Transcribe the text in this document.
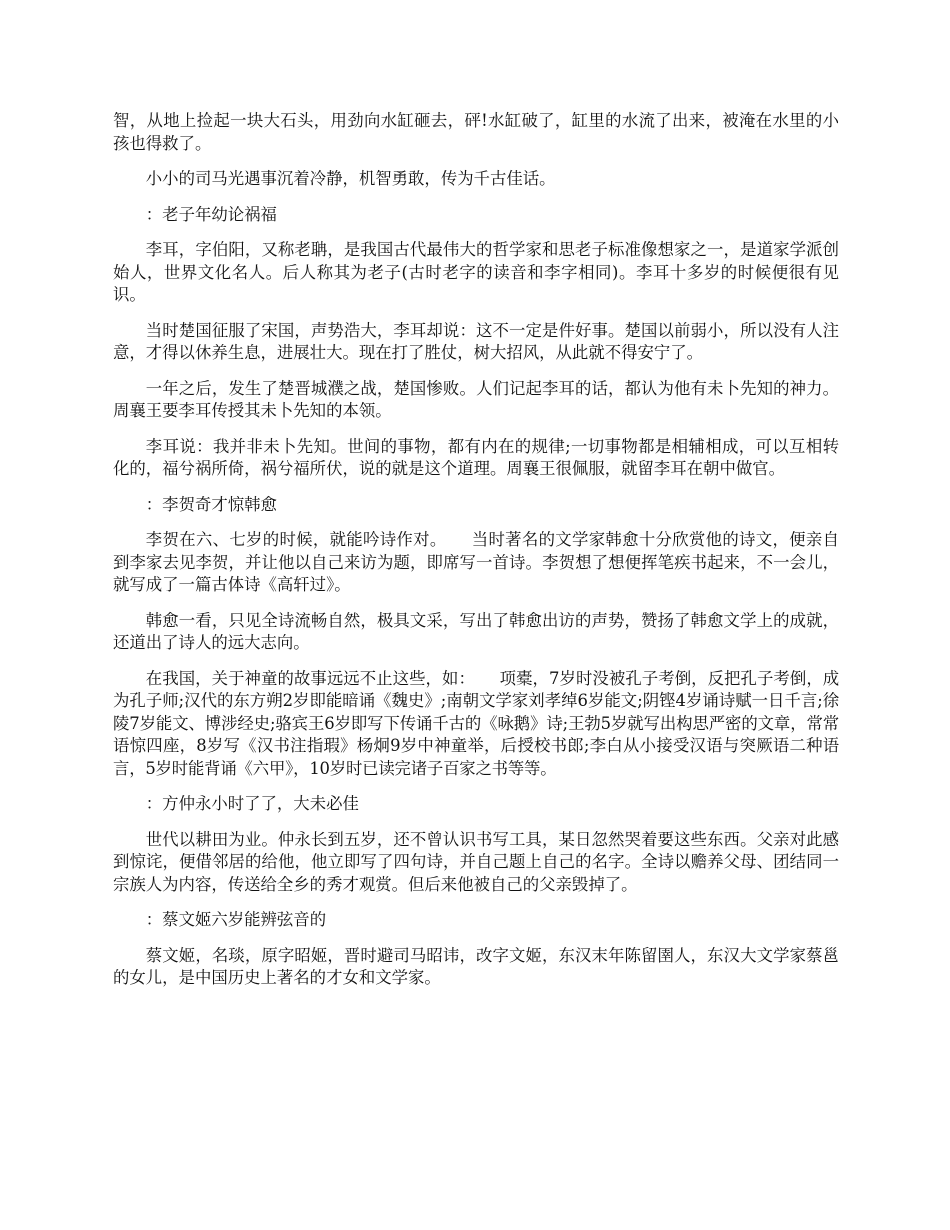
智，从地上捡起一块大石头，用劲向水缸砸去，砰!水缸破了，缸里的水流了出来，被淹在水里的小孩也得救了。

小小的司马光遇事沉着冷静，机智勇敢，传为千古佳话。

：老子年幼论祸福

李耳，字伯阳，又称老聃，是我国古代最伟大的哲学家和思老子标准像想家之一，是道家学派创始人，世界文化名人。后人称其为老子(古时老字的读音和李字相同)。李耳十多岁的时候便很有见识。

当时楚国征服了宋国，声势浩大，李耳却说：这不一定是件好事。楚国以前弱小，所以没有人注意，才得以休养生息，进展壮大。现在打了胜仗，树大招风，从此就不得安宁了。

一年之后，发生了楚晋城濮之战，楚国惨败。人们记起李耳的话，都认为他有未卜先知的神力。周襄王要李耳传授其未卜先知的本领。

李耳说：我并非未卜先知。世间的事物，都有内在的规律;一切事物都是相辅相成，可以互相转化的，福兮祸所倚，祸兮福所伏，说的就是这个道理。周襄王很佩服，就留李耳在朝中做官。

：李贺奇才惊韩愈

李贺在六、七岁的时候，就能吟诗作对。　　当时著名的文学家韩愈十分欣赏他的诗文，便亲自到李家去见李贺，并让他以自己来访为题，即席写一首诗。李贺想了想便挥笔疾书起来，不一会儿，就写成了一篇古体诗《高轩过》。

韩愈一看，只见全诗流畅自然，极具文采，写出了韩愈出访的声势，赞扬了韩愈文学上的成就，还道出了诗人的远大志向。

在我国，关于神童的故事远远不止这些，如：　　项橐，7岁时没被孔子考倒，反把孔子考倒，成为孔子师;汉代的东方朔2岁即能暗诵《魏史》;南朝文学家刘孝绰6岁能文;阴铿4岁诵诗赋一日千言;徐陵7岁能文、博涉经史;骆宾王6岁即写下传诵千古的《咏鹅》诗;王勃5岁就写出构思严密的文章，常常语惊四座，8岁写《汉书注指瑕》杨炯9岁中神童举，后授校书郎;李白从小接受汉语与突厥语二种语言，5岁时能背诵《六甲》，10岁时已读完诸子百家之书等等。

：方仲永小时了了，大未必佳

世代以耕田为业。仲永长到五岁，还不曾认识书写工具，某日忽然哭着要这些东西。父亲对此感到惊诧，便借邻居的给他，他立即写了四句诗，并自己题上自己的名字。全诗以赡养父母、团结同一宗族人为内容，传送给全乡的秀才观赏。但后来他被自己的父亲毁掉了。

：蔡文姬六岁能辨弦音的

蔡文姬，名琰，原字昭姬，晋时避司马昭讳，改字文姬，东汉末年陈留圉人，东汉大文学家蔡邕的女儿，是中国历史上著名的才女和文学家。
